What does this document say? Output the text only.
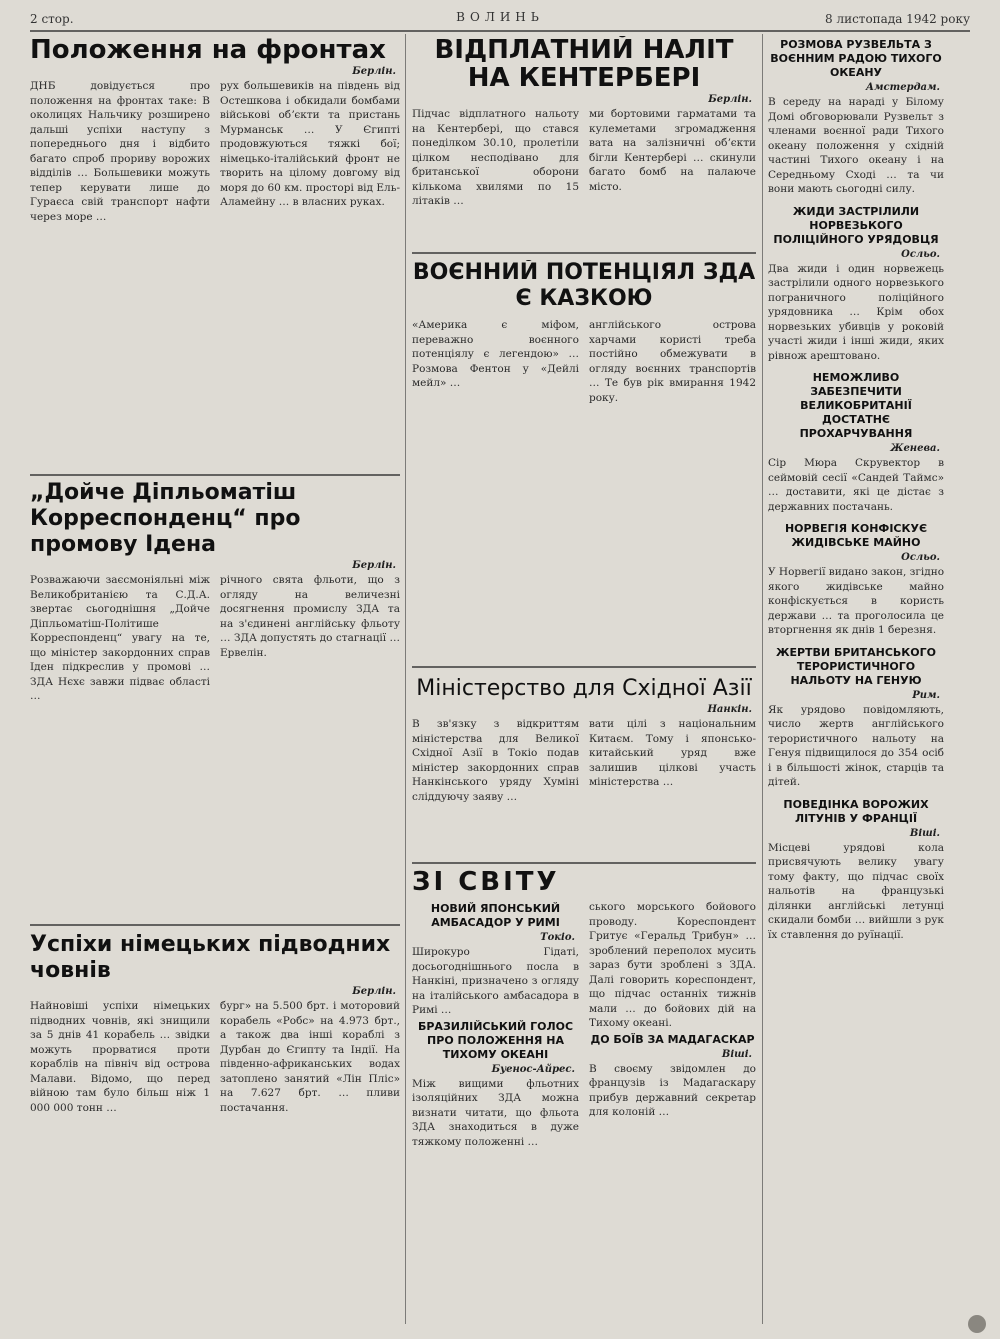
2 стор.	ВОЛИНЬ	8 листопада 1942 року
Положення на фронтах
Берлін.

ДНБ довідується про положення на фронтах таке: В околицях Нальчику розширено дальші успіхи наступу з попереднього дня і відбито багато спроб прориву ворожих відділів … Большевики можуть тепер керувати лише до Гураєса свій транспорт нафти через море …

рух большевиків на південь від Остешкова і обкидали бомбами військові обʼєкти та пристань Мурманськ … У Єгипті продовжуються тяжкі бої; німецько-італійський фронт не творить на цілому довгому від моря до 60 км. просторі від Ель-Аламейну … в власних руках.

„Дойче Діпльоматіш Корреспонденц“ про промову Ідена
Берлін.

Розважаючи заєсмоніяльні між Великобританією та С.Д.А. звертає сьогоднішня „Дойче Діпльоматіш-Політише Корреспонденц“ увагу на те, що міністер закордонних справ Іден підкреслив у промові … ЗДА Нєхє завжи підває області …

річного свята фльоти, що з огляду на величезні досягнення промислу ЗДА та на з'єдинені англійську фльоту … ЗДА допустять до стагнації … Ервелін.

Успіхи німецьких підводних човнів
Берлін.

Найновіші успіхи німецьких підводних човнів, які знищили за 5 днів 41 корабель … звідки можуть прорватися проти кораблів на північ від острова Малави. Відомо, що перед війною там було більш ніж 1 000 000 тонн …

бург» на 5.500 брт. і моторовий корабель «Робс» на 4.973 брт., а також два інші кораблі з Дурбан до Єгипту та Індії. На південно-африканських водах затоплено занятий «Лін Пліс» на 7.627 брт. … пливи постачання.

ВІДПЛАТНИЙ НАЛІТ НА КЕНТЕРБЕРІ
Берлін.

Підчас відплатного нальоту на Кентербері, що стався понеділком 30.10, пролетіли цілком несподівано для британської оборони кількома хвилями по 15 літаків …

ми бортовими гарматами та кулеметами згромадження вата на залізничні обʼєкти бігли Кентербері … скинули багато бомб на палаюче місто.

ВОЄННИЙ ПОТЕНЦІЯЛ ЗДА Є КАЗКОЮ

«Америка є міфом, переважно воєнного потенціялу є легендою» … Розмова Фентон у «Дейлі мейл» …

англійського острова харчами користі треба постійно обмежувати в огляду воєнних транспортів … Те був рік вмирання 1942 року.

Міністерство для Східної Азії
Нанкін.

В зв'язку з відкриттям міністерства для Великої Східної Азії в Токіо подав міністер закордонних справ Нанкінського уряду Хуміні сліддуючу заяву …

вати цілі з національним Китаєм. Тому і японсько-китайський уряд вже залишив цілкові участь міністерства …

ЗІ СВІТУ
НОВИЙ ЯПОНСЬКИЙ АМБАСАДОР У РИМІ
Токіо.

Широкуро Гідаті, досьогоднішнього посла в Нанкіні, призначено з огляду на італійського амбасадора в Римі …

БРАЗИЛІЙСЬКИЙ ГОЛОС ПРО ПОЛОЖЕННЯ НА ТИХОМУ ОКЕАНІ
Буенос-Айрес.

Між вищими фльотних ізоляційних ЗДА можна визнати читати, що фльота ЗДА знаходиться в дуже тяжкому положенні …

ського морського бойового проводу. Кореспондент Гритує «Геральд Трибун» … зроблений переполох мусить зараз бути зроблені з ЗДА. Далі говорить кореспондент, що підчас останніх тижнів мали … до бойових дій на Тихому океані.

ДО БОЇВ ЗА МАДАГАСКАР
Віші.

В своєму звідомлен до французів із Мадагаскару прибув державний секретар для колоній …

РОЗМОВА РУЗВЕЛЬТА З ВОЄННИМ РАДОЮ ТИХОГО ОКЕАНУ
Амстердам.

В середу на нараді у Білому Домі обговорювали Рузвельт з членами воєнної ради Тихого океану положення у східній частині Тихого океану і на Середньому Сході … та чи вони мають сьогодні силу.

ЖИДИ ЗАСТРІЛИЛИ НОРВЕЗЬКОГО ПОЛІЦІЙНОГО УРЯДОВЦЯ
Осльо.

Два жиди і один норвежець застрілили одного норвезького пограничного поліційного урядовника … Крім обох норвезьких убивців у роковій участі жиди і інші жиди, яких рівнож арештовано.

НЕМОЖЛИВО ЗАБЕЗПЕЧИТИ ВЕЛИКОБРИТАНІЇ ДОСТАТНЄ ПРОХАРЧУВАННЯ
Женева.

Сір Мюра Скрувектор в сеймовій сесії «Сандей Таймс» … доставити, які це дістає з державних постачань.

НОРВЕГІЯ КОНФІСКУЄ ЖИДІВСЬКЕ МАЙНО
Осльо.

У Норвегії видано закон, згідно якого жидівське майно конфіскується в користь держави … та проголосила це вторгнення як днів 1 березня.

ЖЕРТВИ БРИТАНСЬКОГО ТЕРОРИСТИЧНОГО НАЛЬОТУ НА ГЕНУЮ
Рим.

Як урядово повідомляють, число жертв англійського терористичного нальоту на Генуя підвищилося до 354 осіб і в більшості жінок, старців та дітей.

ПОВЕДІНКА ВОРОЖИХ ЛІТУНІВ У ФРАНЦІЇ
Віші.

Місцеві урядові кола присвячують велику увагу тому факту, що підчас своїх нальотів на французькі ділянки англійські летунці скидали бомби … вийшли з рук їх ставлення до руїнації.
